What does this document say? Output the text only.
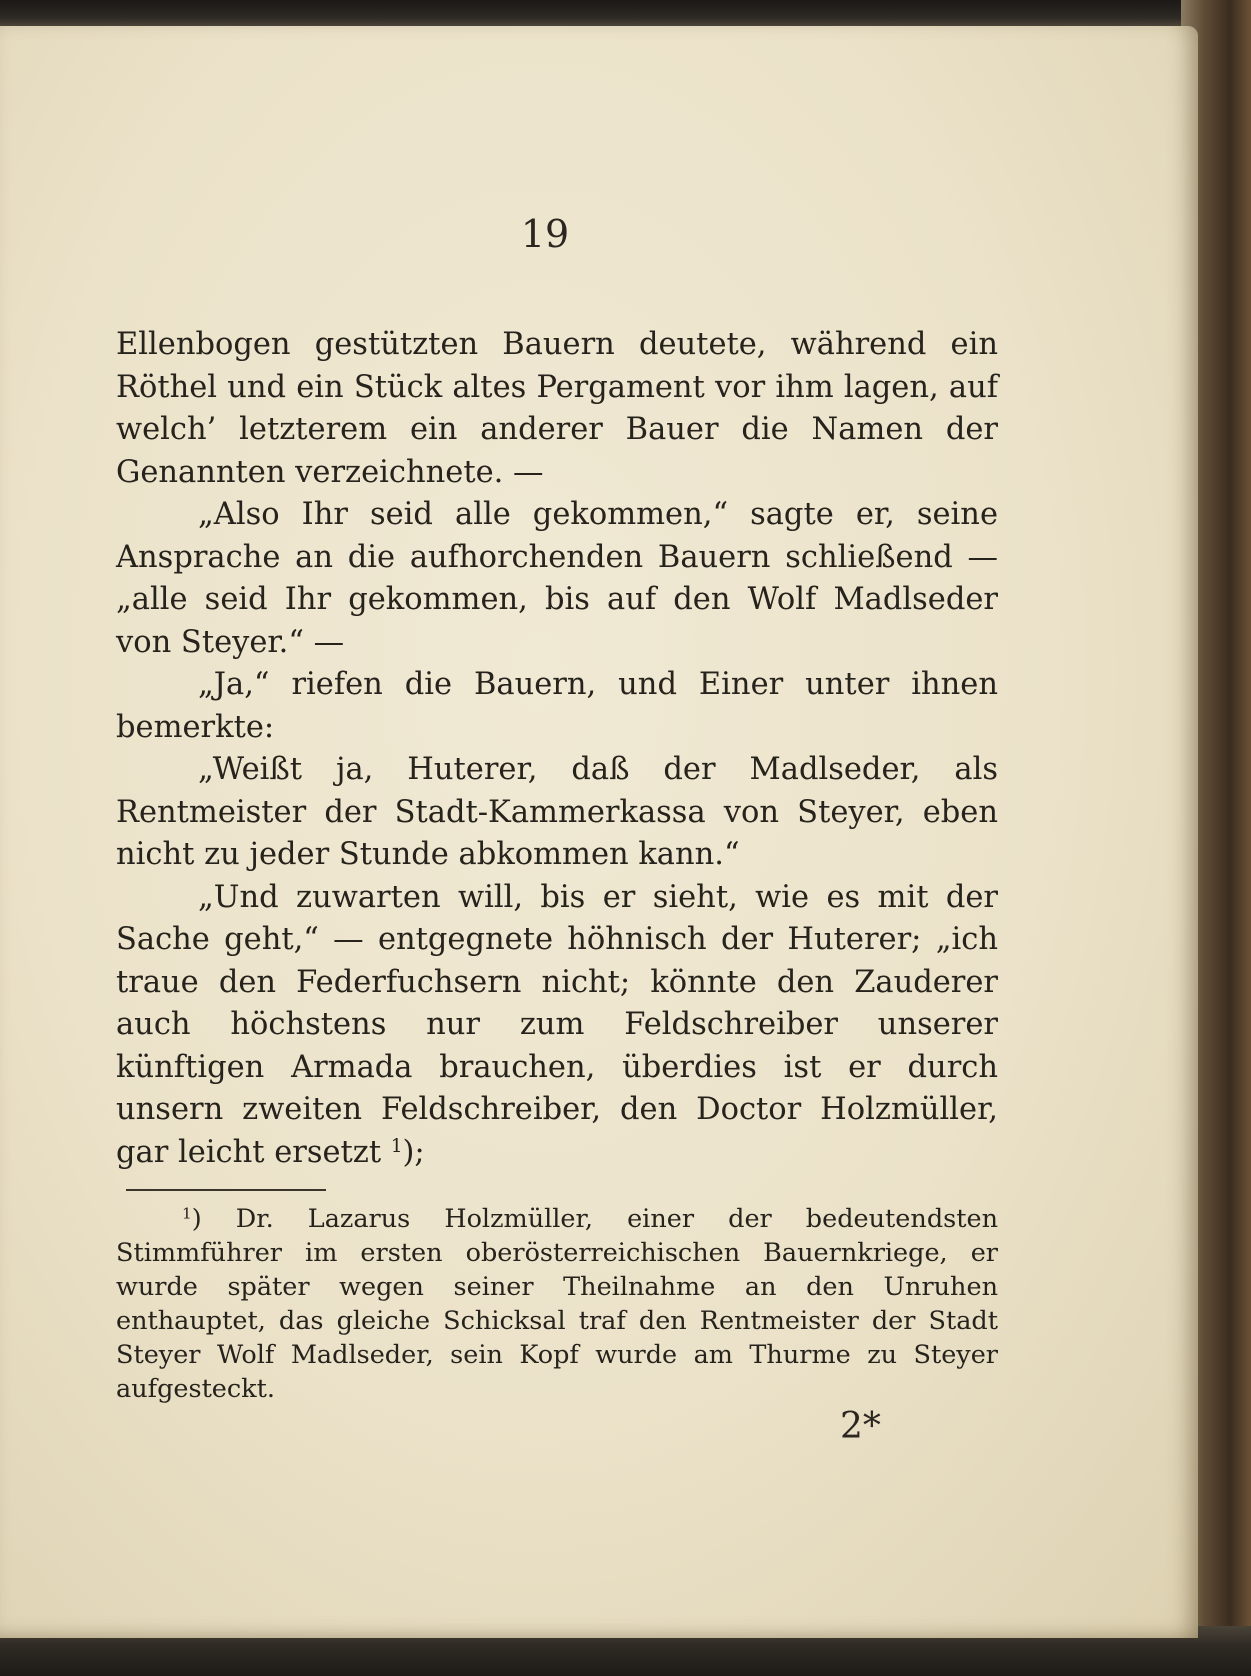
19

Ellenbogen gestützten Bauern deutete, während ein Röthel und ein Stück altes Pergament vor ihm lagen, auf welch’ letzterem ein anderer Bauer die Namen der Genannten verzeichnete. —

„Also Ihr seid alle gekommen,“ sagte er, seine Ansprache an die aufhorchenden Bauern schließend — „alle seid Ihr gekommen, bis auf den Wolf Madlseder von Steyer.“ —

„Ja,“ riefen die Bauern, und Einer unter ihnen bemerkte:

„Weißt ja, Huterer, daß der Madlseder, als Rentmeister der Stadt-Kammerkassa von Steyer, eben nicht zu jeder Stunde abkommen kann.“

„Und zuwarten will, bis er sieht, wie es mit der Sache geht,“ — entgegnete höhnisch der Huterer; „ich traue den Federfuchsern nicht; könnte den Zauderer auch höchstens nur zum Feldschreiber unserer künftigen Armada brauchen, überdies ist er durch unsern zweiten Feldschreiber, den Doctor Holzmüller, gar leicht ersetzt $^1$);

$^1$) Dr. Lazarus Holzmüller, einer der bedeutendsten Stimmführer im ersten oberösterreichischen Bauernkriege, er wurde später wegen seiner Theilnahme an den Unruhen enthauptet, das gleiche Schicksal traf den Rentmeister der Stadt Steyer Wolf Madlseder, sein Kopf wurde am Thurme zu Steyer aufgesteckt.

2*
